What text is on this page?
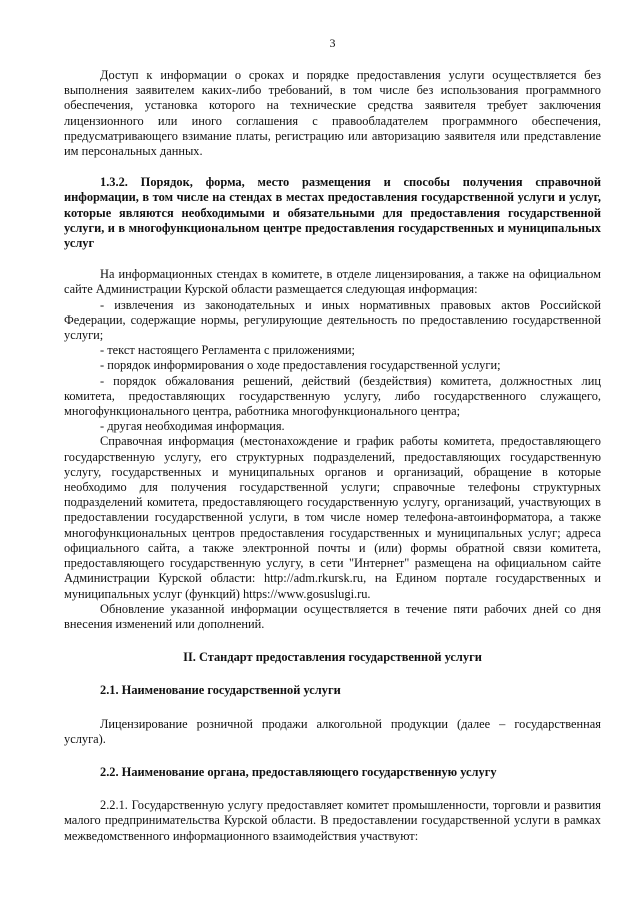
3

Доступ к информации о сроках и порядке предоставления услуги осуществляется без выполнения заявителем каких-либо требований, в том числе без использования программного обеспечения, установка которого на технические средства заявителя требует заключения лицензионного или иного соглашения с правообладателем программного обеспечения, предусматривающего взимание платы, регистрацию или авторизацию заявителя или представление им персональных данных.

1.3.2. Порядок, форма, место размещения и способы получения справочной информации, в том числе на стендах в местах предоставления государственной услуги и услуг, которые являются необходимыми и обязательными для предоставления государственной услуги, и в многофункциональном центре предоставления государственных и муниципальных услуг

На информационных стендах в комитете, в отделе лицензирования, а также на официальном сайте Администрации Курской области размещается следующая информация:

- извлечения из законодательных и иных нормативных правовых актов Российской Федерации, содержащие нормы, регулирующие деятельность по предоставлению государственной услуги;

- текст настоящего Регламента с приложениями;

- порядок информирования о ходе предоставления государственной услуги;

- порядок обжалования решений, действий (бездействия) комитета, должностных лиц комитета, предоставляющих государственную услугу, либо государственного служащего, многофункционального центра, работника многофункционального центра;

- другая необходимая информация.

Справочная информация (местонахождение и график работы комитета, предоставляющего государственную услугу, его структурных подразделений, предоставляющих государственную услугу, государственных и муниципальных органов и организаций, обращение в которые необходимо для получения государственной услуги; справочные телефоны структурных подразделений комитета, предоставляющего государственную услугу, организаций, участвующих в предоставлении государственной услуги, в том числе номер телефона-автоинформатора, а также многофункциональных центров предоставления государственных и муниципальных услуг; адреса официального сайта, а также электронной почты и (или) формы обратной связи комитета, предоставляющего государственную услугу, в сети "Интернет" размещена на официальном сайте Администрации Курской области: http://adm.rkursk.ru, на Едином портале государственных и муниципальных услуг (функций) https://www.gosuslugi.ru.

Обновление указанной информации осуществляется в течение пяти рабочих дней со дня внесения изменений или дополнений.

II. Стандарт предоставления государственной услуги

2.1. Наименование государственной услуги

Лицензирование розничной продажи алкогольной продукции (далее – государственная услуга).

2.2. Наименование органа, предоставляющего государственную услугу

2.2.1. Государственную услугу предоставляет комитет промышленности, торговли и развития малого предпринимательства Курской области. В предоставлении государственной услуги в рамках межведомственного информационного взаимодействия участвуют:
